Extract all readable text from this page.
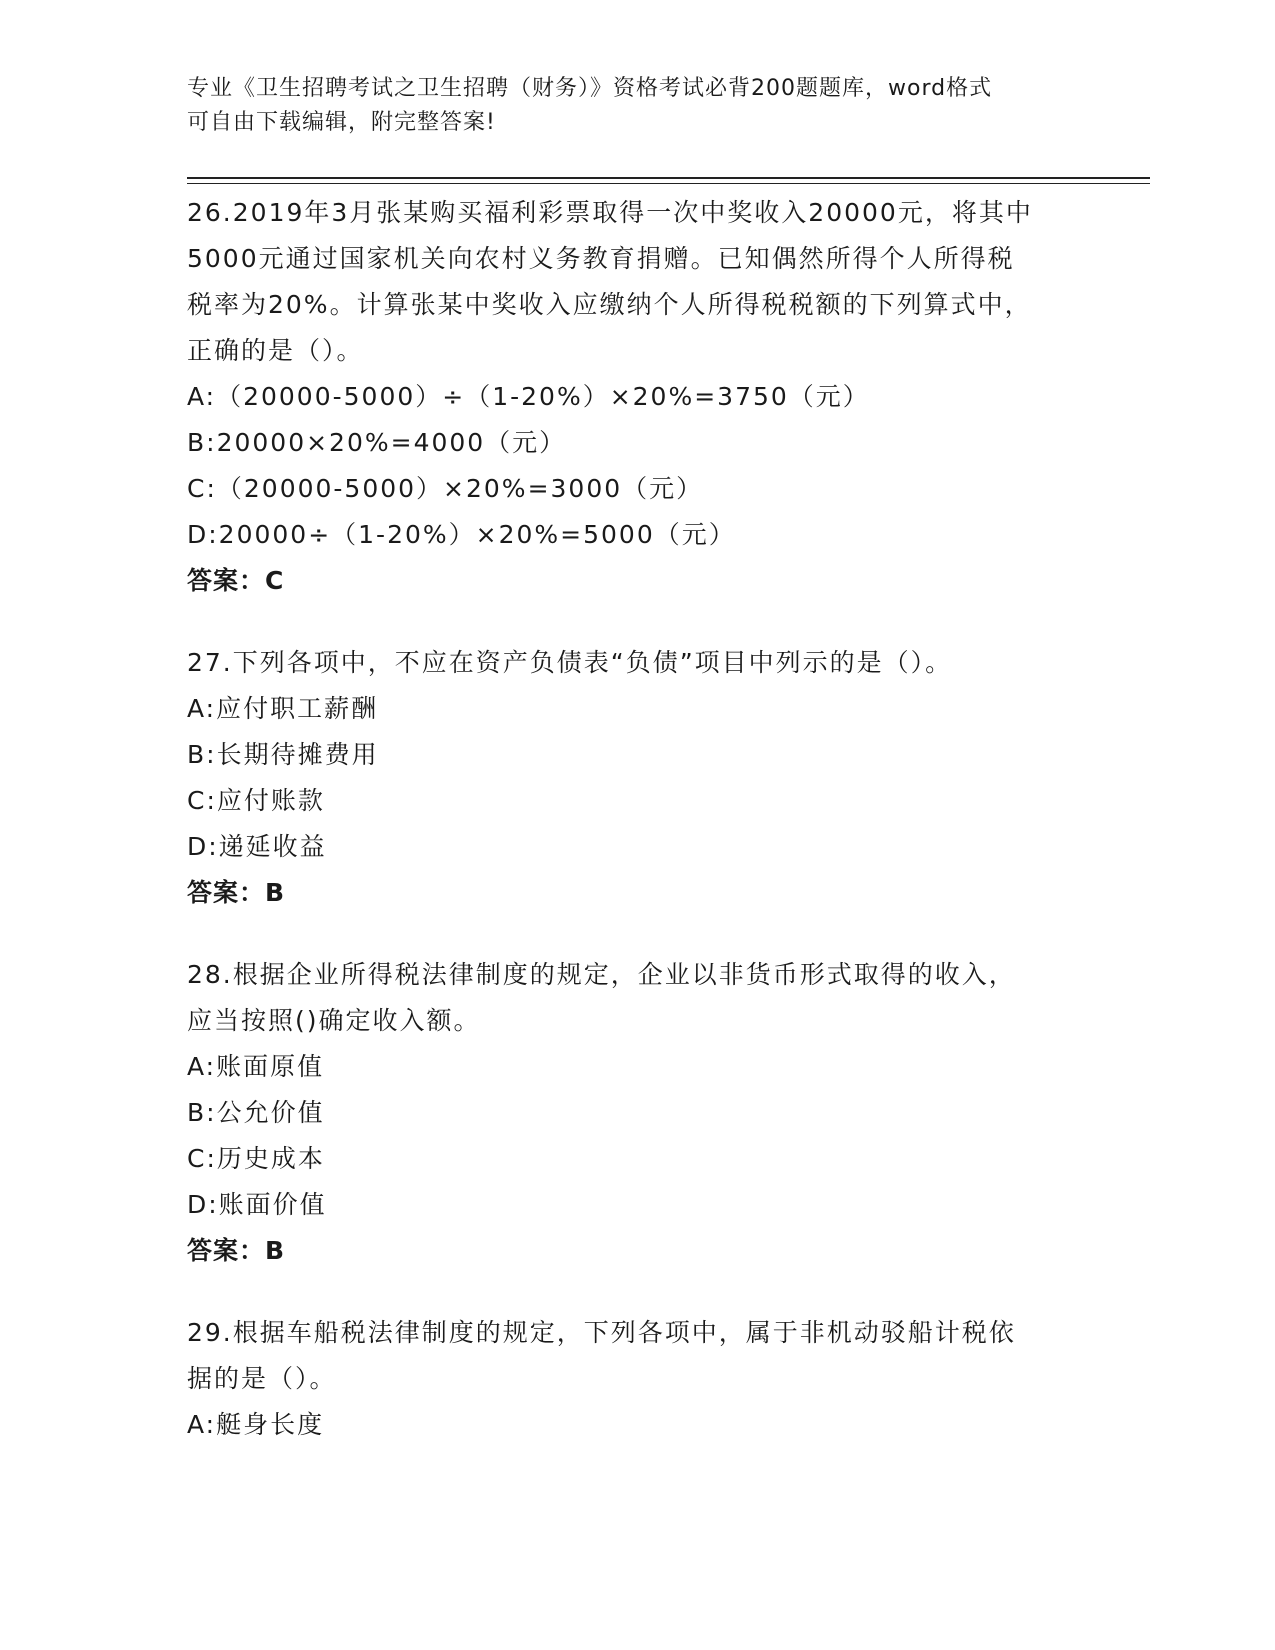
专业《卫生招聘考试之卫生招聘（财务）》资格考试必背200题题库，word格式

可自由下载编辑，附完整答案!

26.2019年3月张某购买福利彩票取得一次中奖收入20000元，将其中

5000元通过国家机关向农村义务教育捐赠。已知偶然所得个人所得税

税率为20%。计算张某中奖收入应缴纳个人所得税税额的下列算式中，

正确的是（）。

A:（20000-5000）÷（1-20%）×20%=3750（元）

B:20000×20%=4000（元）

C:（20000-5000）×20%=3000（元）

D:20000÷（1-20%）×20%=5000（元）

答案：C

27.下列各项中，不应在资产负债表“负债”项目中列示的是（）。

A:应付职工薪酬

B:长期待摊费用

C:应付账款

D:递延收益

答案：B

28.根据企业所得税法律制度的规定，企业以非货币形式取得的收入，

应当按照()确定收入额。

A:账面原值

B:公允价值

C:历史成本

D:账面价值

答案：B

29.根据车船税法律制度的规定，下列各项中，属于非机动驳船计税依

据的是（）。

A:艇身长度
